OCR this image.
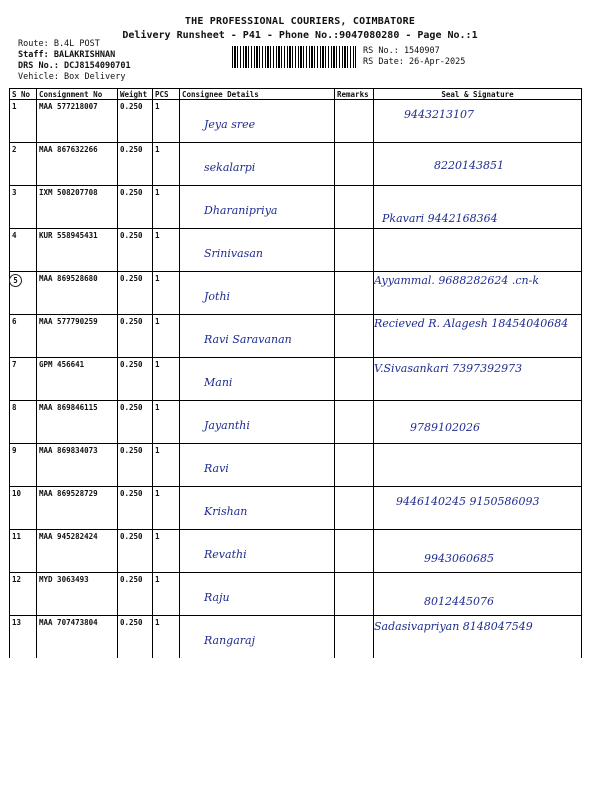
THE PROFESSIONAL COURIERS, COIMBATORE
Delivery Runsheet - P41 - Phone No.:9047080280 - Page No.:1
Route: B.4L POST
Staff: BALAKRISHNAN
DRS No.: DCJ8154090701
Vehicle: Box Delivery
RS No.: 1540907
RS Date: 26-Apr-2025
S No	Consignment No	Weight	PCS	Consignee Details	Remarks	Seal & Signature
1	MAA 577218007	0.250	1	Jeya sree		9443213107

2	MAA 867632266	0.250	1	sekalarpi		8220143851

3	IXM 508207708	0.250	1	Dharanipriya		Pkavari 9442168364

4	KUR 558945431	0.250	1	Srinivasan		

5	MAA 869528680	0.250	1	Jothi		Ayyammal. 9688282624 .cn-k

6	MAA 577790259	0.250	1	Ravi Saravanan		Recieved R. Alagesh 18454040684

7	GPM 456641	0.250	1	Mani		V.Sivasankari 7397392973

8	MAA 869846115	0.250	1	Jayanthi		9789102026

9	MAA 869834073	0.250	1	Ravi		

10	MAA 869528729	0.250	1	Krishan		9446140245 9150586093

11	MAA 945282424	0.250	1	Revathi		9943060685

12	MYD 3063493	0.250	1	Raju		8012445076

13	MAA 707473804	0.250	1	Rangaraj		Sadasivapriyan 8148047549
